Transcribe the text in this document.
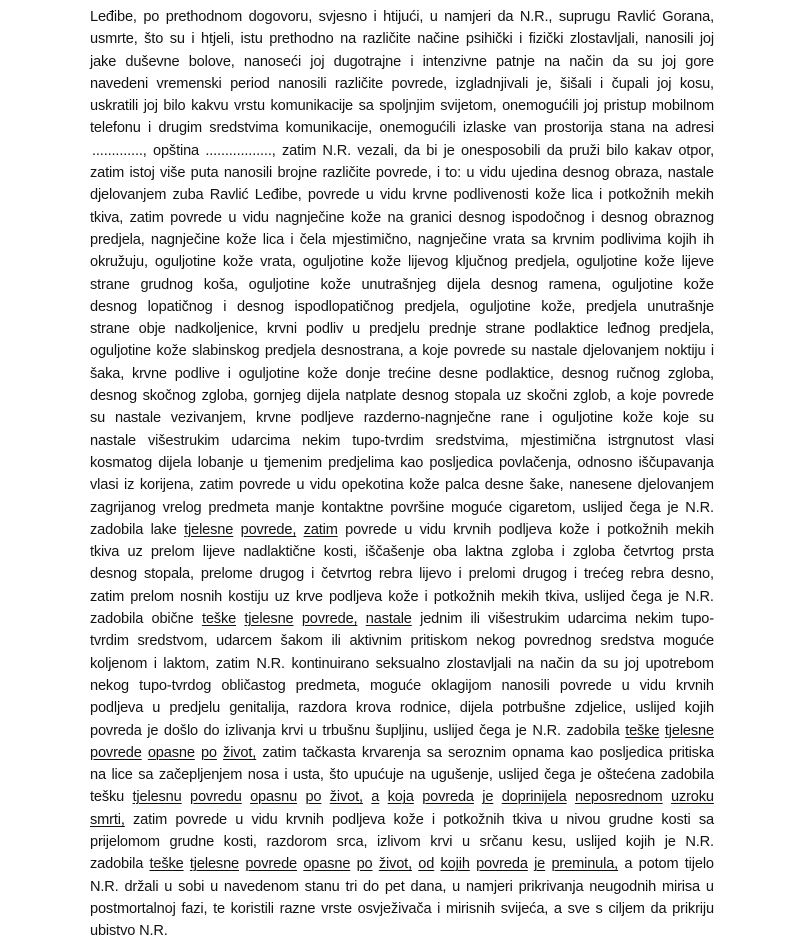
Leđibe, po prethodnom dogovoru, svjesno i htijući, u namjeri da N.R., suprugu Ravlić Gorana,
usmrte, što su i htjeli, istu prethodno na različite načine psihički i fizički zlostavljali, nanosili joj
jake duševne bolove, nanoseći joj dugotrajne i intenzivne patnje na način da su joj gore
navedeni vremenski period nanosili različite povrede, izgladnjivali je, šišali i čupali joj kosu,
uskratili joj bilo kakvu vrstu komunikacije sa spoljnjim svijetom, onemogućili joj pristup mobilnom
telefonu i drugim sredstvima komunikacije, onemogućili izlaske van prostorija stana na adresi
............., opština ................., zatim N.R. vezali, da bi je onesposobili da pruži bilo kakav otpor,
zatim istoj više puta nanosili brojne različite povrede, i to: u vidu ujedina desnog obraza, nastale
djelovanjem zuba Ravlić Leđibe, povrede u vidu krvne podlivenosti kože lica i potkožnih mekih
tkiva, zatim povrede u vidu nagnječine kože na granici desnog ispodočnog i desnog obraznog
predjela, nagnječine kože lica i čela mjestimično, nagnječine vrata sa krvnim podlivima kojih ih
okružuju, oguljotine kože vrata, oguljotine kože lijevog ključnog predjela, oguljotine kože lijeve
strane grudnog koša, oguljotine kože unutrašnjeg dijela desnog ramena, oguljotine kože
desnog lopatičnog i desnog ispodlopatičnog predjela, oguljotine kože, predjela unutrašnje
strane obje nadkoljenice, krvni podliv u predjelu prednje strane podlaktice leđnog predjela,
oguljotine kože slabinskog predjela desnostrana, a koje povrede su nastale djelovanjem noktiju i
šaka, krvne podlive i oguljotine kože donje trećine desne podlaktice, desnog ručnog zgloba,
desnog skočnog zgloba, gornjeg dijela natplate desnog stopala uz skočni zglob, a koje povrede
su nastale vezivanjem, krvne podljeve razderno-nagnječne rane i oguljotine kože koje su
nastale višestrukim udarcima nekim tupo-tvrdim sredstvima, mjestimična istrgnutost vlasi
kosmatog dijela lobanje u tjemenim predjelima kao posljedica povlačenja, odnosno iščupavanja
vlasi iz korijena, zatim povrede u vidu opekotina kože palca desne šake, nanesene djelovanjem
zagrijanog vrelog predmeta manje kontaktne površine moguće cigaretom, uslijed čega je N.R.
zadobila lake tjelesne povrede, zatim povrede u vidu krvnih podljeva kože i potkožnih mekih
tkiva uz prelom lijeve nadlaktične kosti, iščašenje oba laktna zgloba i zgloba četvrtog prsta
desnog stopala, prelome drugog i četvrtog rebra lijevo i prelomi drugog i trećeg rebra desno,
zatim prelom nosnih kostiju uz krve podljeva kože i potkožnih mekih tkiva, uslijed čega je N.R.
zadobila obične teške tjelesne povrede, nastale jednim ili višestrukim udarcima nekim tupo-
tvrdim sredstvom, udarcem šakom ili aktivnim pritiskom nekog povrednog sredstva moguće
koljenom i laktom, zatim N.R. kontinuirano seksualno zlostavljali na način da su joj upotrebom
nekog tupo-tvrdog obličastog predmeta, moguće oklagijom nanosili povrede u vidu krvnih
podljeva u predjelu genitalija, razdora krova rodnice, dijela potrbušne zdjelice, uslijed kojih
povreda je došlo do izlivanja krvi u trbušnu šupljinu, uslijed čega je N.R. zadobila teške tjelesne
povrede opasne po život, zatim tačkasta krvarenja sa seroznim opnama kao posljedica pritiska
na lice sa začepljenjem nosa i usta, što upućuje na ugušenje, uslijed čega je oštećena zadobila
tešku tjelesnu povredu opasnu po život, a koja povreda je doprinijela neposrednom uzroku
smrti, zatim povrede u vidu krvnih podljeva kože i potkožnih tkiva u nivou grudne kosti sa
prijelomom grudne kosti, razdorom srca, izlivom krvi u srčanu kesu, uslijed kojih je N.R.
zadobila teške tjelesne povrede opasne po život, od kojih povreda je preminula, a potom tijelo
N.R. držali u sobi u navedenom stanu tri do pet dana, u namjeri prikrivanja neugodnih mirisa u
postmortalnoj fazi, te koristili razne vrste osvježivača i mirisnih svijeća, a sve s ciljem da prikriju
ubistvo
N.R.
